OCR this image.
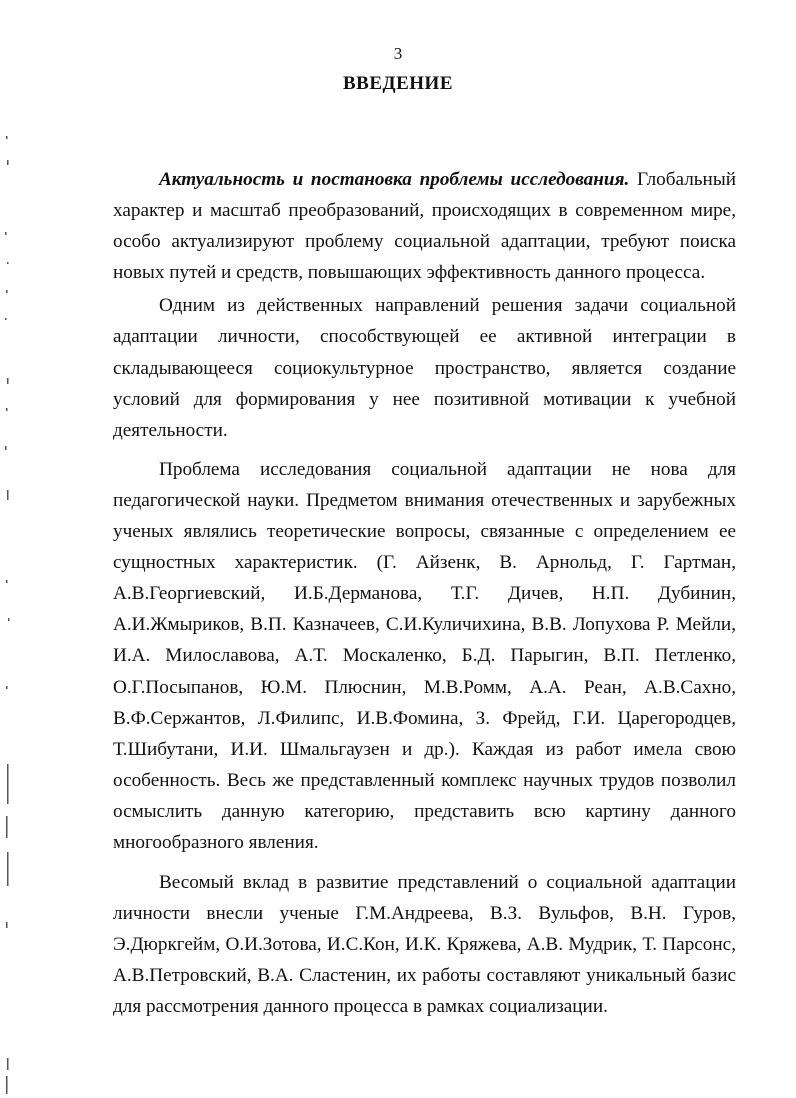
3
ВВЕДЕНИЕ

Актуальность и постановка проблемы исследования. Глобальный характер и масштаб преобразований, происходящих в современном мире, особо актуализируют проблему социальной адаптации, требуют поиска новых путей и средств, повышающих эффективность данного процесса.

Одним из действенных направлений решения задачи социальной адаптации личности, способствующей ее активной интеграции в складывающееся социокультурное пространство, является создание условий для формирования у нее позитивной мотивации к учебной деятельности.

Проблема исследования социальной адаптации не нова для педагогической науки. Предметом внимания отечественных и зарубежных ученых являлись теоретические вопросы, связанные с определением ее сущностных характеристик. (Г. Айзенк, В. Арнольд, Г. Гартман, А.В.Георгиевский, И.Б.Дерманова, Т.Г. Дичев, Н.П. Дубинин, А.И.Жмыриков, В.П. Казначеев, С.И.Куличихина, В.В. Лопухова Р. Мейли, И.А. Милославова, А.Т. Москаленко, Б.Д. Парыгин, В.П. Петленко, О.Г.Посыпанов, Ю.М. Плюснин, М.В.Ромм, А.А. Реан, А.В.Сахно, В.Ф.Сержантов, Л.Филипс, И.В.Фомина, З. Фрейд, Г.И. Царегородцев, Т.Шибутани, И.И. Шмальгаузен и др.). Каждая из работ имела свою особенность. Весь же представленный комплекс научных трудов позволил осмыслить данную категорию, представить всю картину данного многообразного явления.

Весомый вклад в развитие представлений о социальной адаптации личности внесли ученые Г.М.Андреева, В.З. Вульфов, В.Н. Гуров, Э.Дюркгейм, О.И.Зотова, И.С.Кон, И.К. Кряжева, А.В. Мудрик, Т. Парсонс, А.В.Петровский, В.А. Сластенин, их работы составляют уникальный базис для рассмотрения данного процесса в рамках социализации.
